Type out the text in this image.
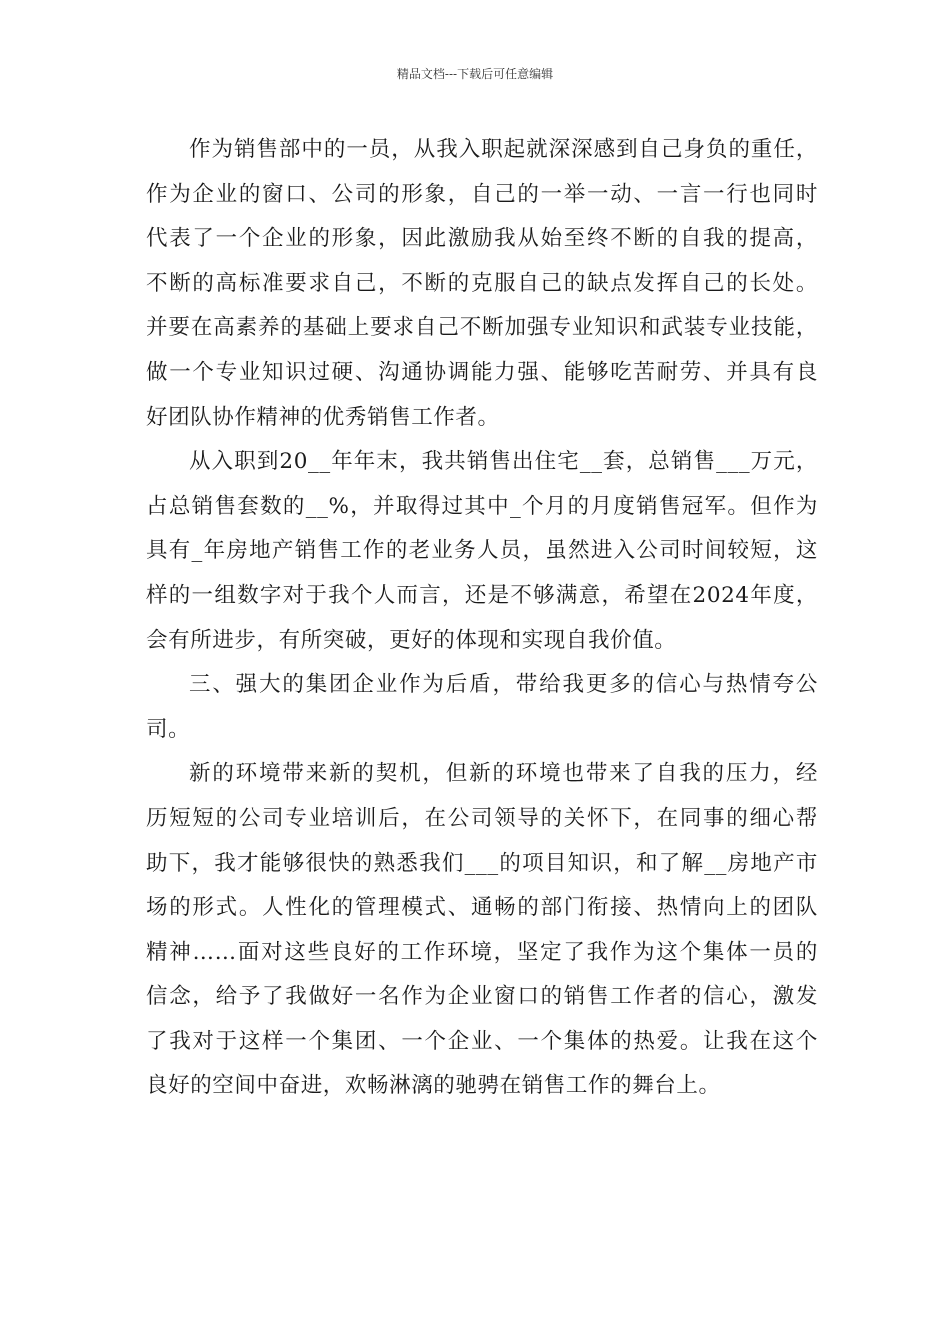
精品文档---下载后可任意编辑

作为销售部中的一员，从我入职起就深深感到自己身负的重任，
作为企业的窗口、公司的形象，自己的一举一动、一言一行也同时
代表了一个企业的形象，因此激励我从始至终不断的自我的提高，
不断的高标准要求自己，不断的克服自己的缺点发挥自己的长处。
并要在高素养的基础上要求自己不断加强专业知识和武装专业技能，
做一个专业知识过硬、沟通协调能力强、能够吃苦耐劳、并具有良
好团队协作精神的优秀销售工作者。

从入职到20__年年末，我共销售出住宅__套，总销售___万元，
占总销售套数的__%，并取得过其中_个月的月度销售冠军。但作为
具有_年房地产销售工作的老业务人员，虽然进入公司时间较短，这
样的一组数字对于我个人而言，还是不够满意，希望在2024年度，
会有所进步，有所突破，更好的体现和实现自我价值。

三、强大的集团企业作为后盾，带给我更多的信心与热情夸公
司。

新的环境带来新的契机，但新的环境也带来了自我的压力，经
历短短的公司专业培训后，在公司领导的关怀下，在同事的细心帮
助下，我才能够很快的熟悉我们___的项目知识，和了解__房地产市
场的形式。人性化的管理模式、通畅的部门衔接、热情向上的团队
精神……面对这些良好的工作环境，坚定了我作为这个集体一员的
信念，给予了我做好一名作为企业窗口的销售工作者的信心，激发
了我对于这样一个集团、一个企业、一个集体的热爱。让我在这个
良好的空间中奋进，欢畅淋漓的驰骋在销售工作的舞台上。
